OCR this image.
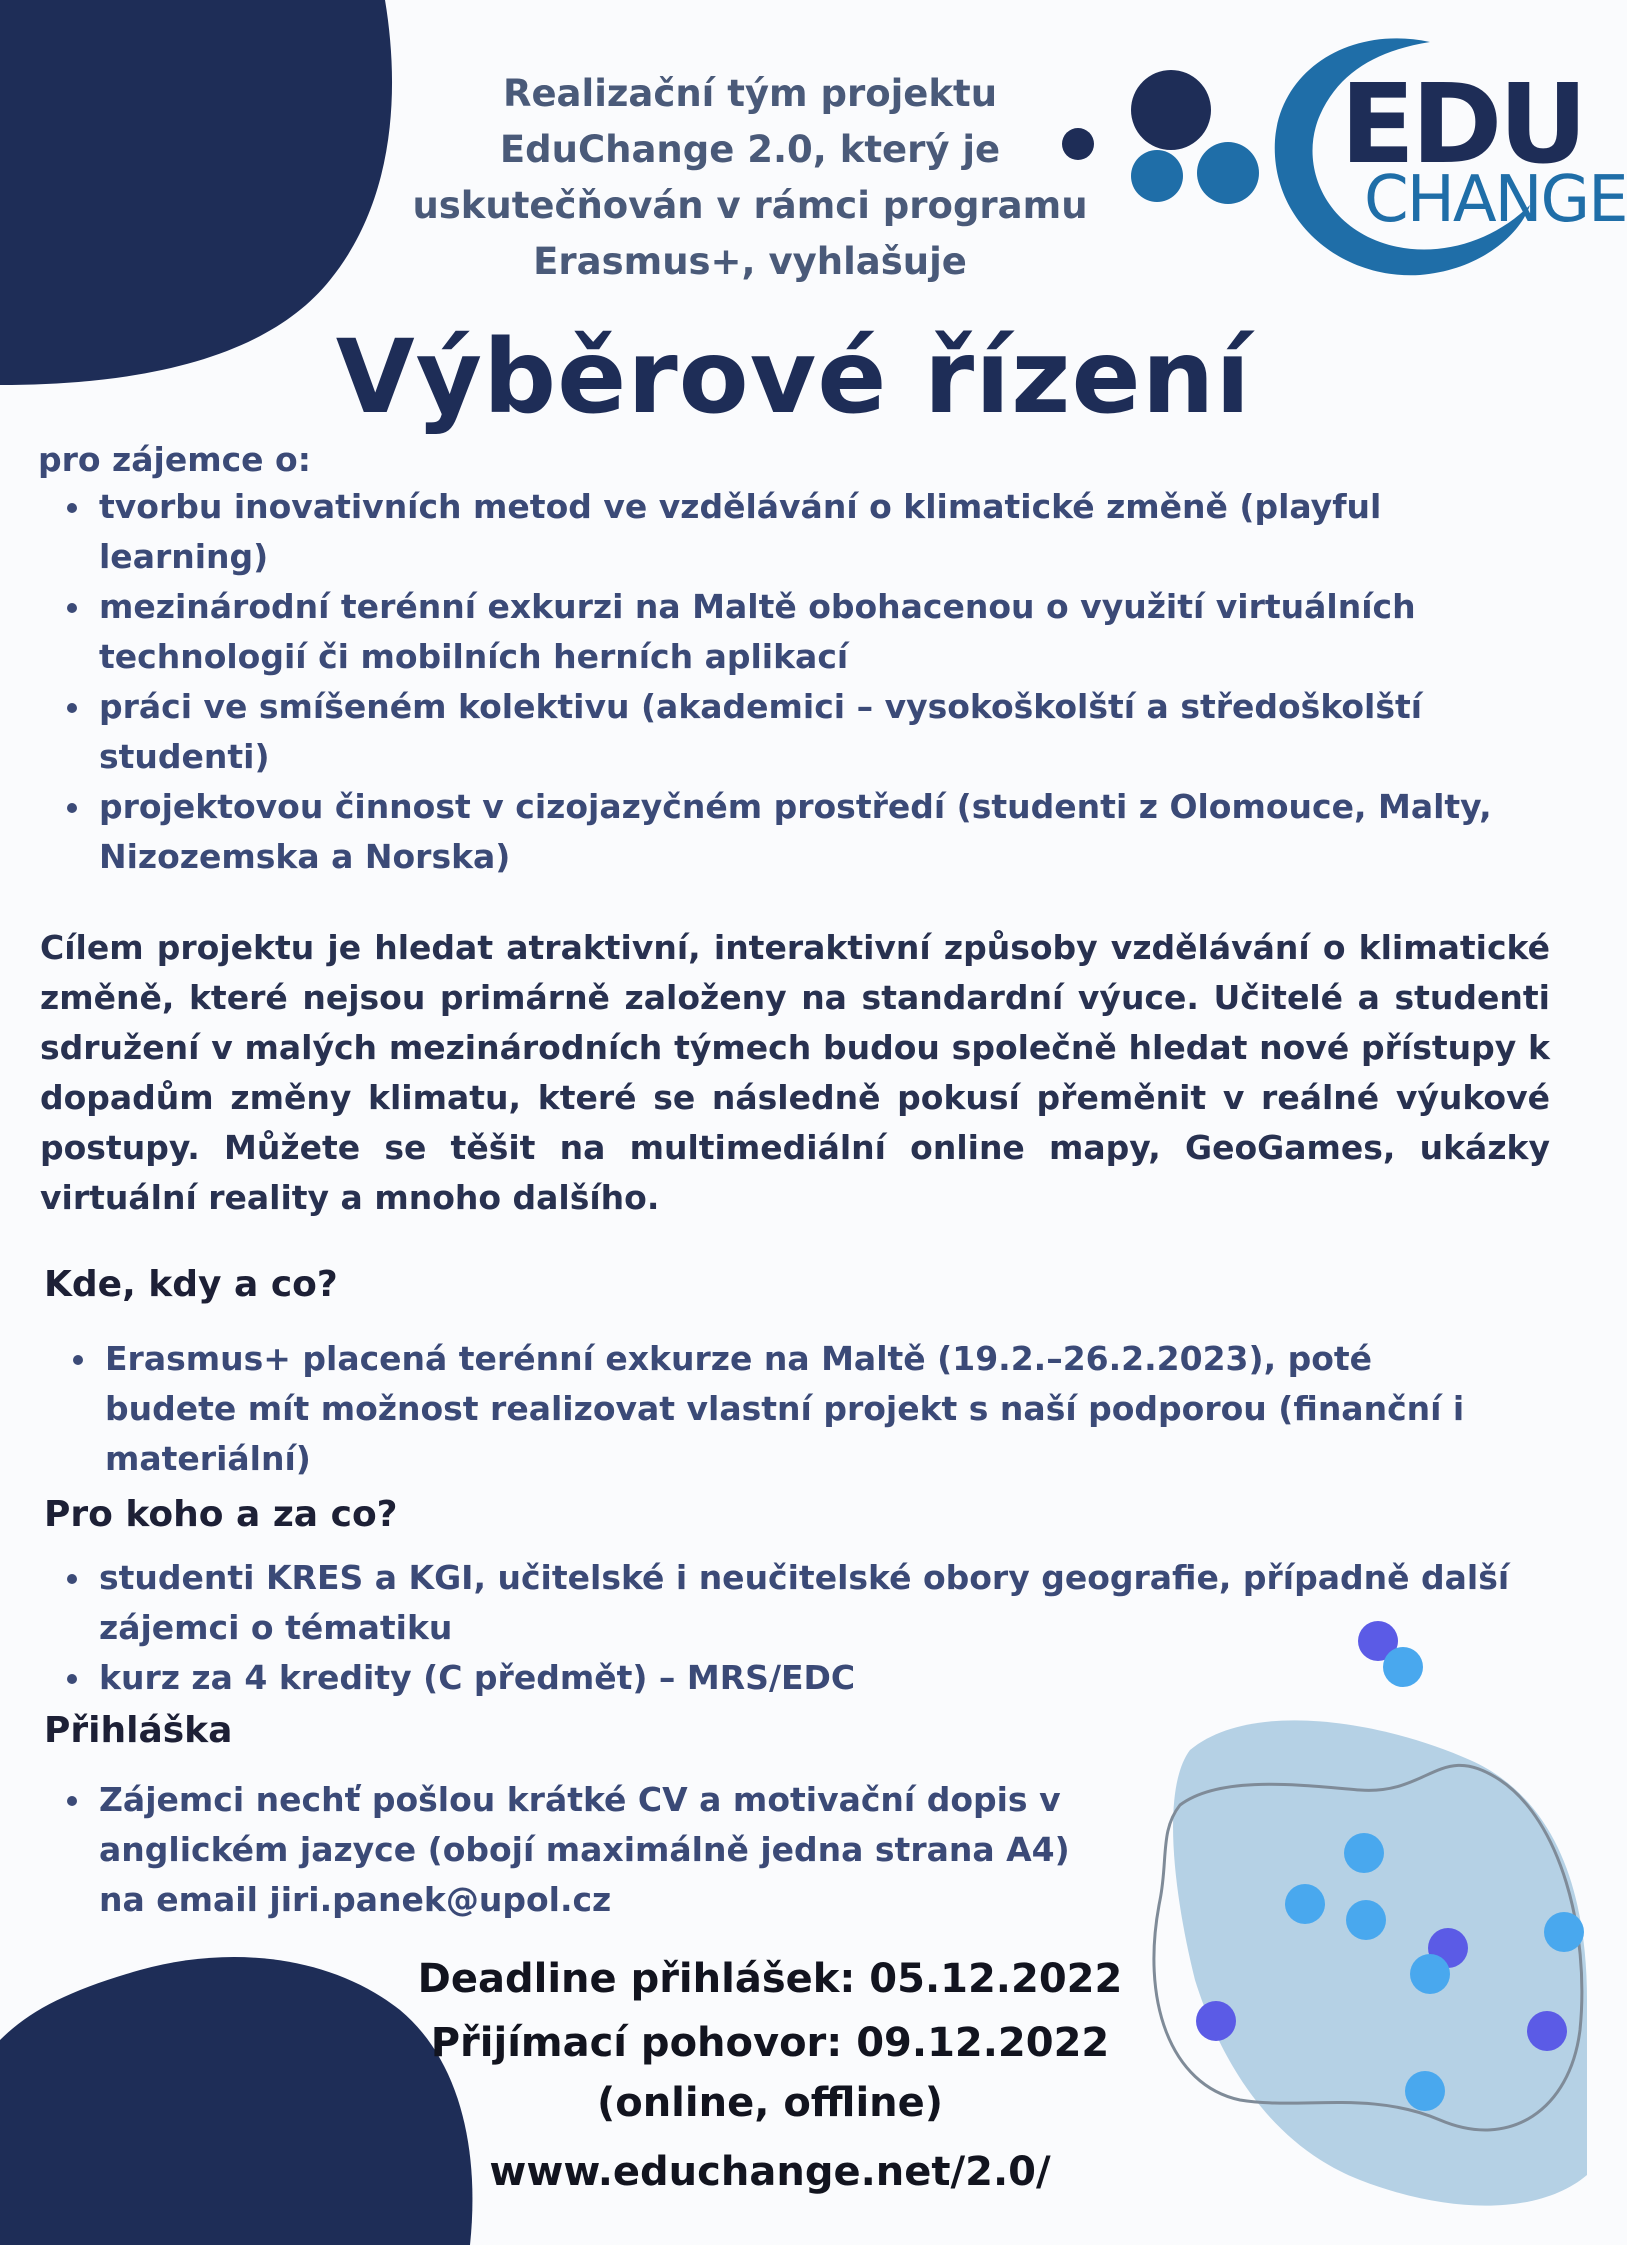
EDU
CHANGE
Realizační tým projektu EduChange 2.0, který je uskutečňován v rámci programu Erasmus+, vyhlašuje
Výběrové řízení
pro zájemce o:
tvorbu inovativních metod ve vzdělávání o klimatické změně (playful learning)
mezinárodní terénní exkurzi na Maltě obohacenou o využití virtuálních technologií či mobilních herních aplikací
práci ve smíšeném kolektivu (akademici – vysokoškolští a středoškolští studenti)
projektovou činnost v cizojazyčném prostředí (studenti z Olomouce, Malty, Nizozemska a Norska)
Cílem projektu je hledat atraktivní, interaktivní způsoby vzdělávání o klimatické změně, které nejsou primárně založeny na standardní výuce. Učitelé a studenti sdružení v malých mezinárodních týmech budou společně hledat nové přístupy k dopadům změny klimatu, které se následně pokusí přeměnit v reálné výukové postupy. Můžete se těšit na multimediální online mapy, GeoGames, ukázky virtuální reality a mnoho dalšího.
Kde, kdy a co?
Erasmus+ placená terénní exkurze na Maltě (19.2.–26.2.2023), poté budete mít možnost realizovat vlastní projekt s naší podporou (finanční i materiální)
Pro koho a za co?
studenti KRES a KGI, učitelské i neučitelské obory geografie, případně další zájemci o tématiku
kurz za 4 kredity (C předmět) – MRS/EDC
Přihláška
Zájemci nechť pošlou krátké CV a motivační dopis v anglickém jazyce (obojí maximálně jedna strana A4) na email jiri.panek@upol.cz
Deadline přihlášek: 05.12.2022
Přijímací pohovor: 09.12.2022
(online, offline)
www.educhange.net/2.0/
